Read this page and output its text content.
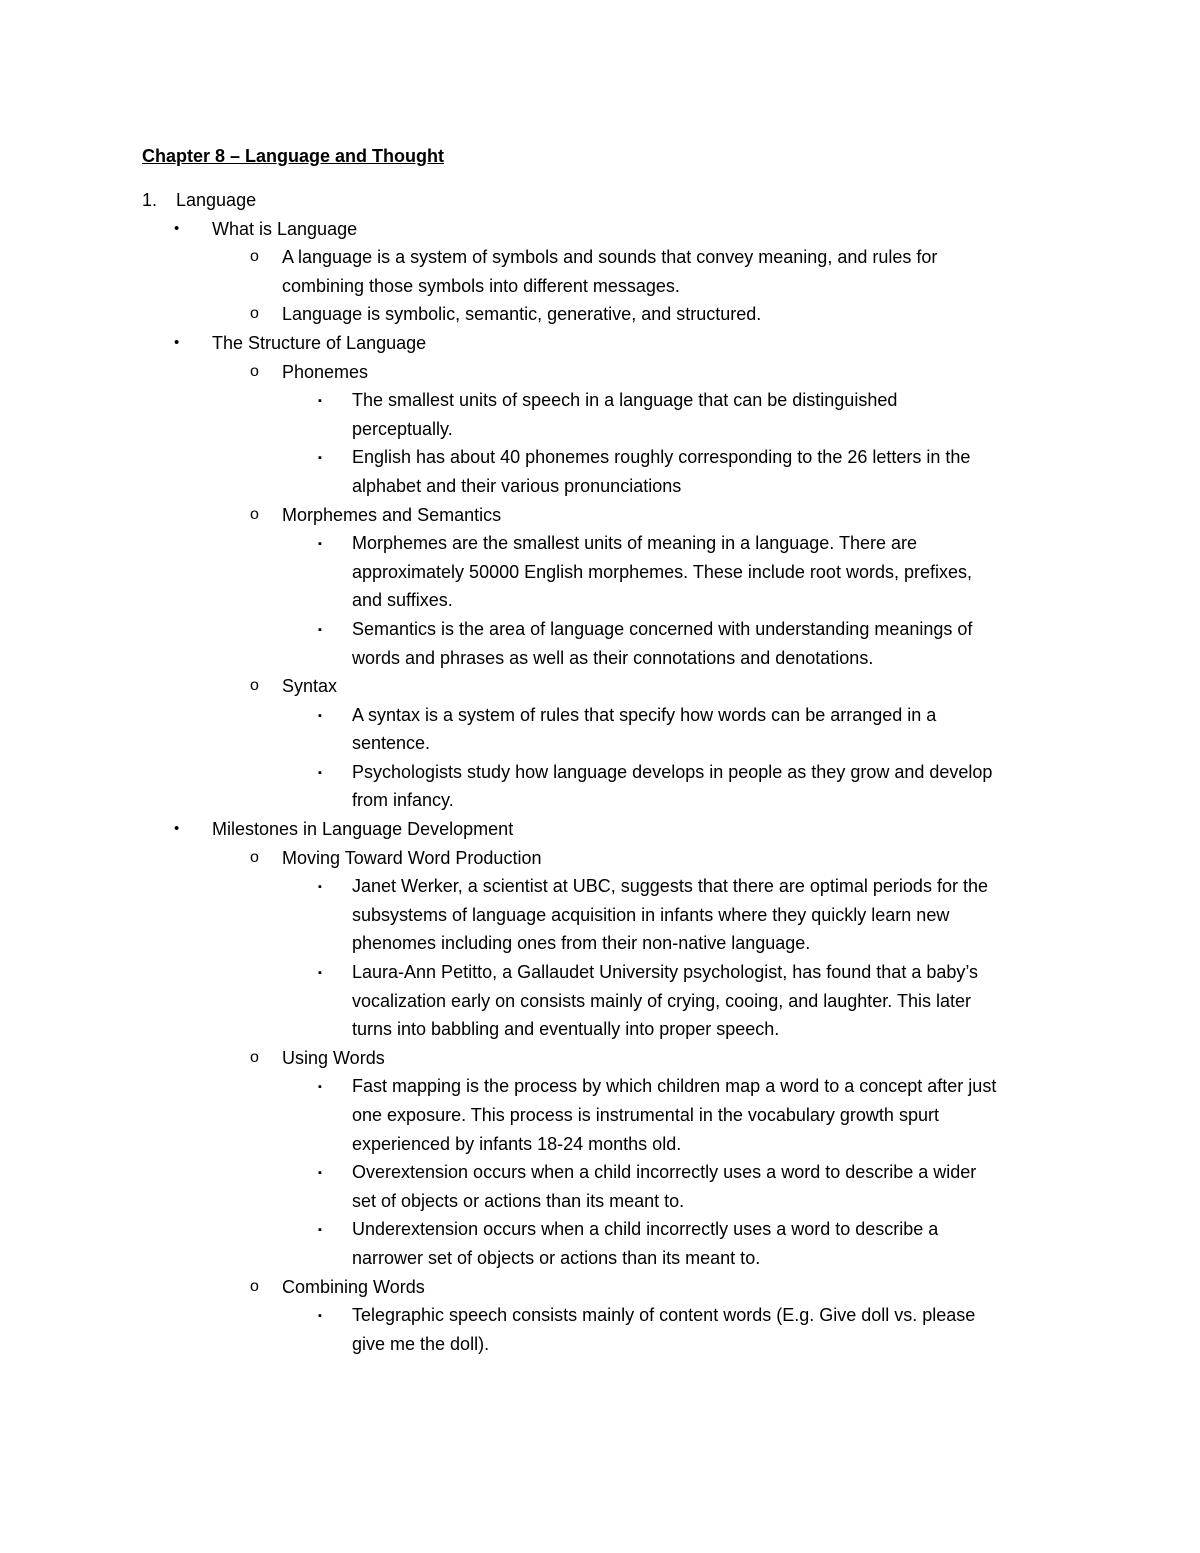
Chapter 8 – Language and Thought
1. Language
• What is Language
o A language is a system of symbols and sounds that convey meaning, and rules for
combining those symbols into different messages.
o Language is symbolic, semantic, generative, and structured.
• The Structure of Language
o Phonemes
▪ The smallest units of speech in a language that can be distinguished
perceptually.
▪ English has about 40 phonemes roughly corresponding to the 26 letters in the
alphabet and their various pronunciations
o Morphemes and Semantics
▪ Morphemes are the smallest units of meaning in a language. There are
approximately 50000 English morphemes. These include root words, prefixes,
and suffixes.
▪ Semantics is the area of language concerned with understanding meanings of
words and phrases as well as their connotations and denotations.
o Syntax
▪ A syntax is a system of rules that specify how words can be arranged in a
sentence.
▪ Psychologists study how language develops in people as they grow and develop
from infancy.
• Milestones in Language Development
o Moving Toward Word Production
▪ Janet Werker, a scientist at UBC, suggests that there are optimal periods for the
subsystems of language acquisition in infants where they quickly learn new
phenomes including ones from their non-native language.
▪ Laura-Ann Petitto, a Gallaudet University psychologist, has found that a baby’s
vocalization early on consists mainly of crying, cooing, and laughter. This later
turns into babbling and eventually into proper speech.
o Using Words
▪ Fast mapping is the process by which children map a word to a concept after just
one exposure. This process is instrumental in the vocabulary growth spurt
experienced by infants 18-24 months old.
▪ Overextension occurs when a child incorrectly uses a word to describe a wider
set of objects or actions than its meant to.
▪ Underextension occurs when a child incorrectly uses a word to describe a
narrower set of objects or actions than its meant to.
o Combining Words
▪ Telegraphic speech consists mainly of content words (E.g. Give doll vs. please
give me the doll).
